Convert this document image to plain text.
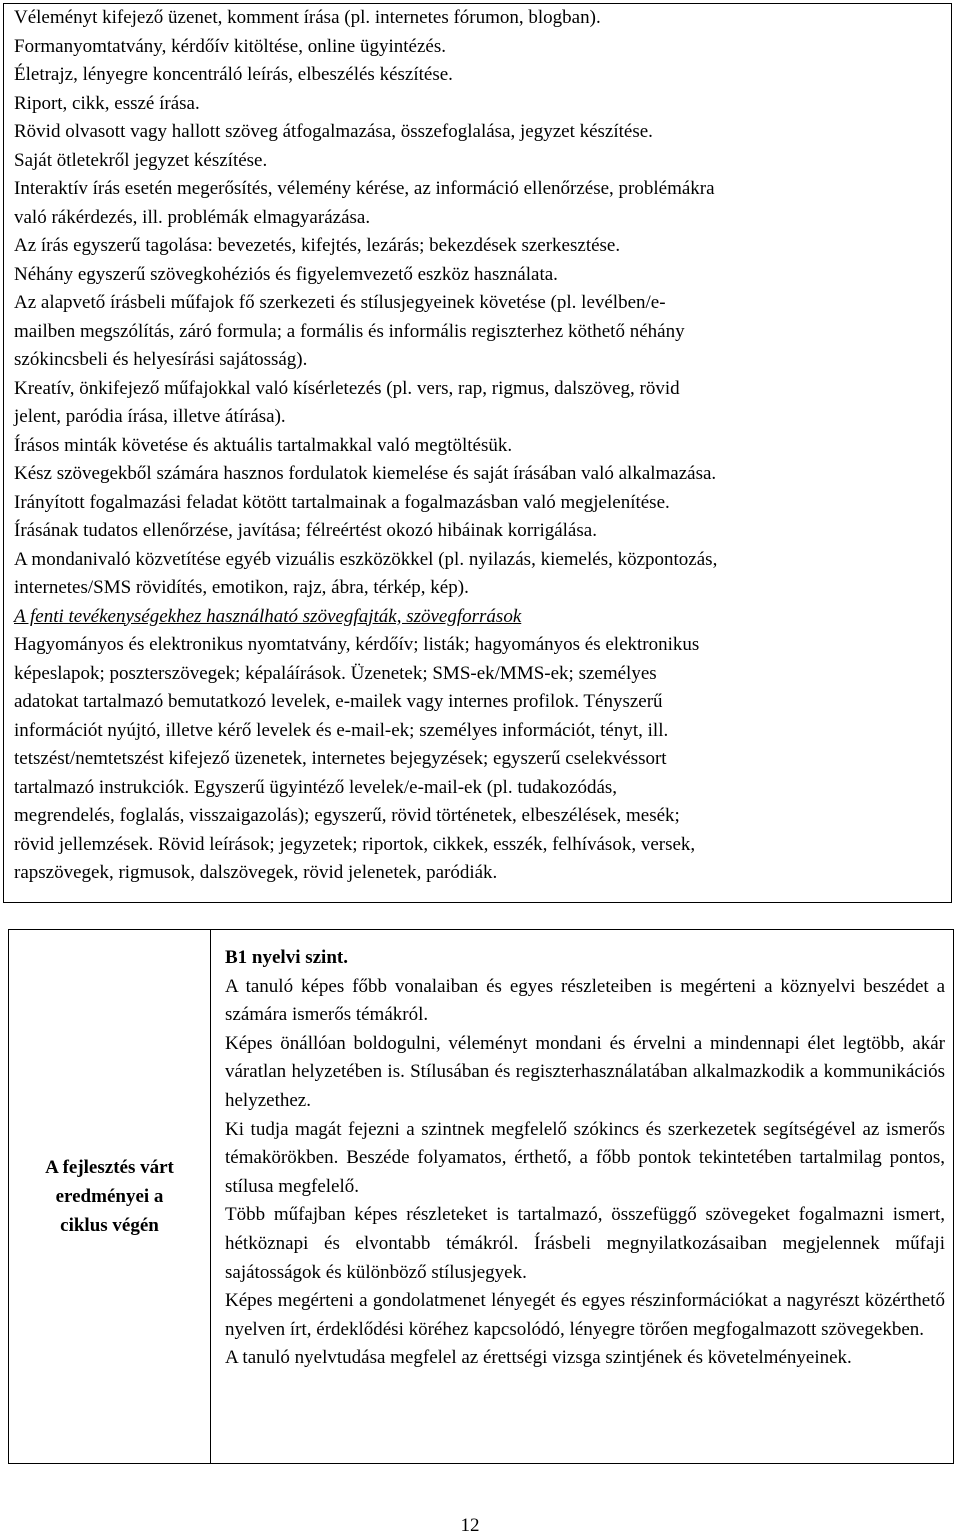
Véleményt kifejező üzenet, komment írása (pl. internetes fórumon, blogban).
Formanyomtatvány, kérdőív kitöltése, online ügyintézés.
Életrajz, lényegre koncentráló leírás, elbeszélés készítése.
Riport, cikk, esszé írása.
Rövid olvasott vagy hallott szöveg átfogalmazása, összefoglalása, jegyzet készítése.
Saját ötletekről jegyzet készítése.
Interaktív írás esetén megerősítés, vélemény kérése, az információ ellenőrzése, problémákra
való rákérdezés, ill. problémák elmagyarázása.
Az írás egyszerű tagolása: bevezetés, kifejtés, lezárás; bekezdések szerkesztése.
Néhány egyszerű szövegkohéziós és figyelemvezető eszköz használata.
Az alapvető írásbeli műfajok fő szerkezeti és stílusjegyeinek követése (pl. levélben/e-
mailben megszólítás, záró formula; a formális és informális regiszterhez köthető néhány
szókincsbeli és helyesírási sajátosság).
Kreatív, önkifejező műfajokkal való kísérletezés (pl. vers, rap, rigmus, dalszöveg, rövid
jelent, paródia írása, illetve átírása).
Írásos minták követése és aktuális tartalmakkal való megtöltésük.
Kész szövegekből számára hasznos fordulatok kiemelése és saját írásában való alkalmazása.
Irányított fogalmazási feladat kötött tartalmainak a fogalmazásban való megjelenítése.
Írásának tudatos ellenőrzése, javítása; félreértést okozó hibáinak korrigálása.
A mondanivaló közvetítése egyéb vizuális eszközökkel (pl. nyilazás, kiemelés, központozás,
internetes/SMS rövidítés, emotikon, rajz, ábra, térkép, kép).

A fenti tevékenységekhez használható szövegfajták, szövegforrások

Hagyományos és elektronikus nyomtatvány, kérdőív; listák; hagyományos és elektronikus
képeslapok; poszterszövegek; képaláírások. Üzenetek; SMS-ek/MMS-ek; személyes
adatokat tartalmazó bemutatkozó levelek, e-mailek vagy internes profilok. Tényszerű
információt nyújtó, illetve kérő levelek és e-mail-ek; személyes információt, tényt, ill.
tetszést/nemtetszést kifejező üzenetek, internetes bejegyzések; egyszerű cselekvéssort
tartalmazó instrukciók. Egyszerű ügyintéző levelek/e-mail-ek (pl. tudakozódás,
megrendelés, foglalás, visszaigazolás); egyszerű, rövid történetek, elbeszélések, mesék;
rövid jellemzések. Rövid leírások; jegyzetek; riportok, cikkek, esszék, felhívások, versek,
rapszövegek, rigmusok, dalszövegek, rövid jelenetek, paródiák.

A fejlesztés várt eredményei a ciklus végén

B1 nyelvi szint.

A tanuló képes főbb vonalaiban és egyes részleteiben is megérteni a köznyelvi beszédet a számára ismerős témákról.

Képes önállóan boldogulni, véleményt mondani és érvelni a mindennapi élet legtöbb, akár váratlan helyzetében is. Stílusában és regiszterhasználatában alkalmazkodik a kommunikációs helyzethez.

Ki tudja magát fejezni a szintnek megfelelő szókincs és szerkezetek segítségével az ismerős témakörökben. Beszéde folyamatos, érthető, a főbb pontok tekintetében tartalmilag pontos, stílusa megfelelő.

Több műfajban képes részleteket is tartalmazó, összefüggő szövegeket fogalmazni ismert, hétköznapi és elvontabb témákról. Írásbeli megnyilatkozásaiban megjelennek műfaji sajátosságok és különböző stílusjegyek.

Képes megérteni a gondolatmenet lényegét és egyes részinformációkat a nagyrészt közérthető nyelven írt, érdeklődési köréhez kapcsolódó, lényegre törően megfogalmazott szövegekben.

A tanuló nyelvtudása megfelel az érettségi vizsga szintjének és követelményeinek.

12
